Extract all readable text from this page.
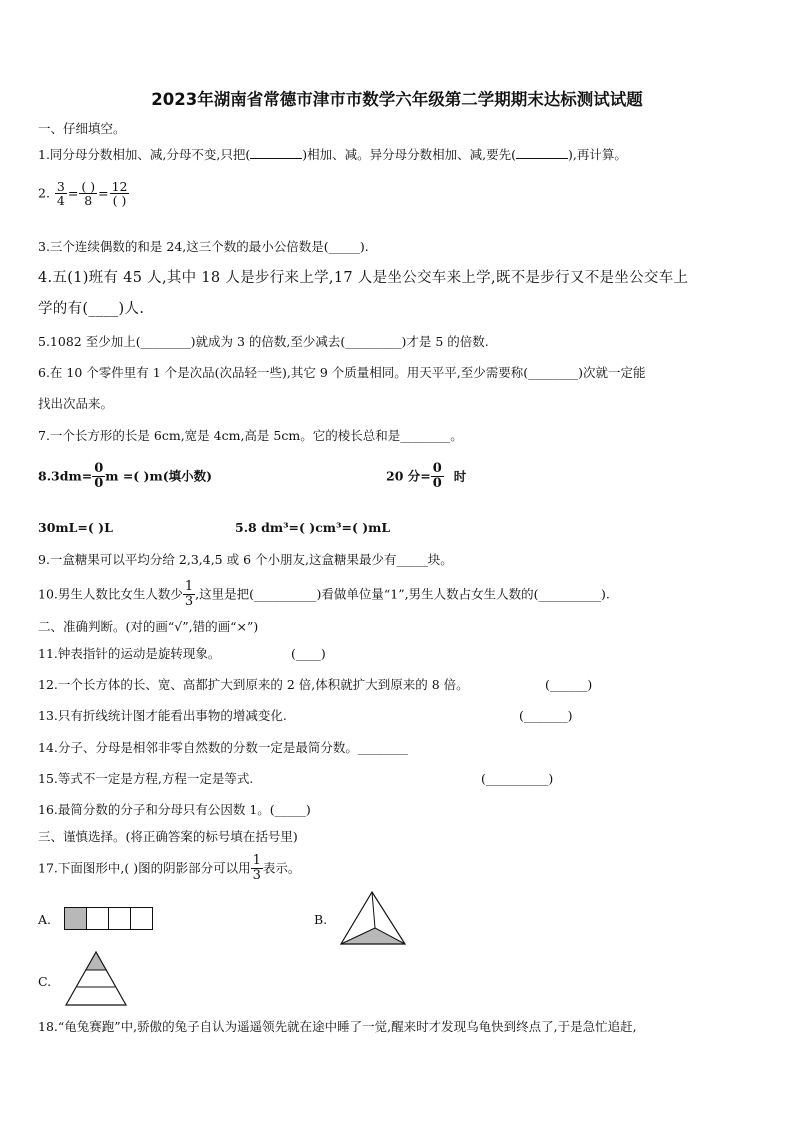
2023年湖南省常德市津市市数学六年级第二学期期末达标测试试题
一、仔细填空。
1.同分母分数相加、减,分母不变,只把(	)相加、减。异分母分数相加、减,要先(	),再计算。
2. $\frac{3}{4} = \frac{( )}{8} = \frac{12}{( )}$
3.三个连续偶数的和是 24,这三个数的最小公倍数是(_____).
4.五(1)班有 45 人,其中 18 人是步行来上学,17 人是坐公交车来上学,既不是步行又不是坐公交车上
学的有(____)人.
5.1082 至少加上(________)就成为 3 的倍数,至少减去(_________)才是 5 的倍数.
6.在 10 个零件里有 1 个是次品(次品轻一些),其它 9 个质量相同。用天平平,至少需要称(________)次就一定能
找出次品来。
7.一个长方形的长是 6cm,宽是 4cm,高是 5cm。它的棱长总和是________。
$8.3dm= \frac{0}{0}$ m =( )m(填小数)	20 分= $\frac{0}{0}$ 时
30mL=( )L	5.8 dm³=( )cm³=( )mL
9.一盒糖果可以平均分给 2,3,4,5 或 6 个小朋友,这盒糖果最少有_____块。
10.男生人数比女生人数少 $\frac{1}{3}$ ,这里是把(__________)看做单位量“1”,男生人数占女生人数的(__________).
二、准确判断。(对的画“√”,错的画“×”)
11.钟表指针的运动是旋转现象。	(____)
12.一个长方体的长、宽、高都扩大到原来的 2 倍,体积就扩大到原来的 8 倍。	(______)
13.只有折线统计图才能看出事物的增减变化.	(_______)
14.分子、分母是相邻非零自然数的分数一定是最简分数。________
15.等式不一定是方程,方程一定是等式.	(__________)
16.最简分数的分子和分母只有公因数 1。(_____)
三、谨慎选择。(将正确答案的标号填在括号里)
17.下面图形中,( )图的阴影部分可以用 $\frac{1}{3}$ 表示。
A.	B.
C.
18.“龟兔赛跑”中,骄傲的兔子自认为遥遥领先就在途中睡了一觉,醒来时才发现乌龟快到终点了,于是急忙追赶,
